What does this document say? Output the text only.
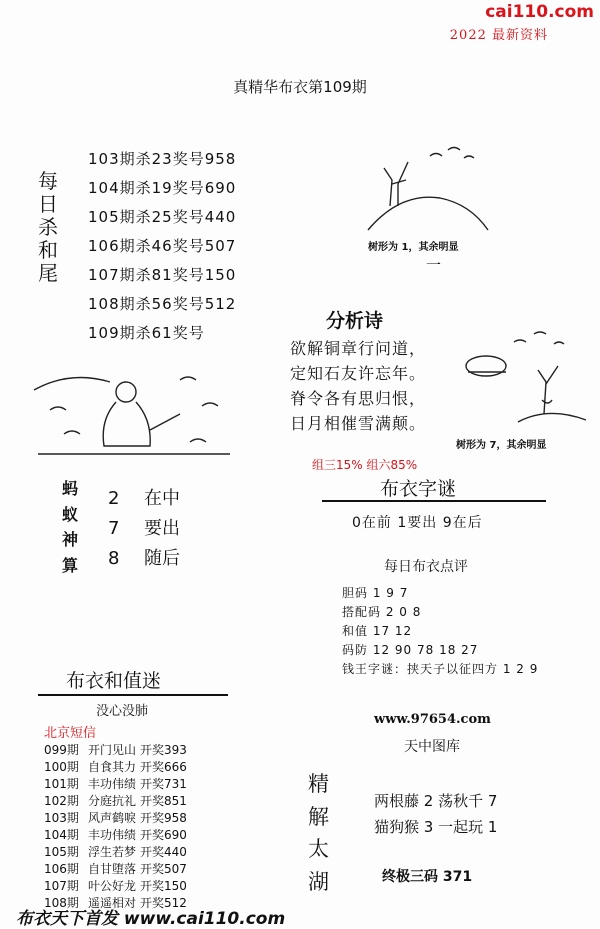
cai110.com
2022 最新资料
真精华布衣第109期
每
日
杀
和
尾
103期杀23奖号958
104期杀19奖号690
105期杀25奖号440
106期杀46奖号507
107期杀81奖号150
108期杀56奖号512
109期杀61奖号
树形为 1，其余明显
一
分析诗
欲解铜章行问道，
定知石友许忘年。
脊令各有思归恨，
日月相催雪满颠。
树形为 7，其余明显
组三15% 组六85%
蚂
蚁
神
算
2 在中
7 要出
8 随后
布衣字谜
0在前 1要出 9在后
每日布衣点评
胆码 1 9 7
搭配码 2 0 8
和值 17 12
码防 12 90 78 18 27
钱王字谜：挟天子以征四方 1 2 9
布衣和值迷
没心没肺
北京短信
099期 开门见山 开奖393
100期 自食其力 开奖666
101期 丰功伟绩 开奖731
102期 分庭抗礼 开奖851
103期 风声鹤唳 开奖958
104期 丰功伟绩 开奖690
105期 浮生若梦 开奖440
106期 自甘堕落 开奖507
107期 叶公好龙 开奖150
108期 遥遥相对 开奖512
www.97654.com
天中图库
精
解
太
湖
两根藤 2 荡秋千 7
猫狗猴 3 一起玩 1
终极三码 371
布衣天下首发 www.cai110.com
